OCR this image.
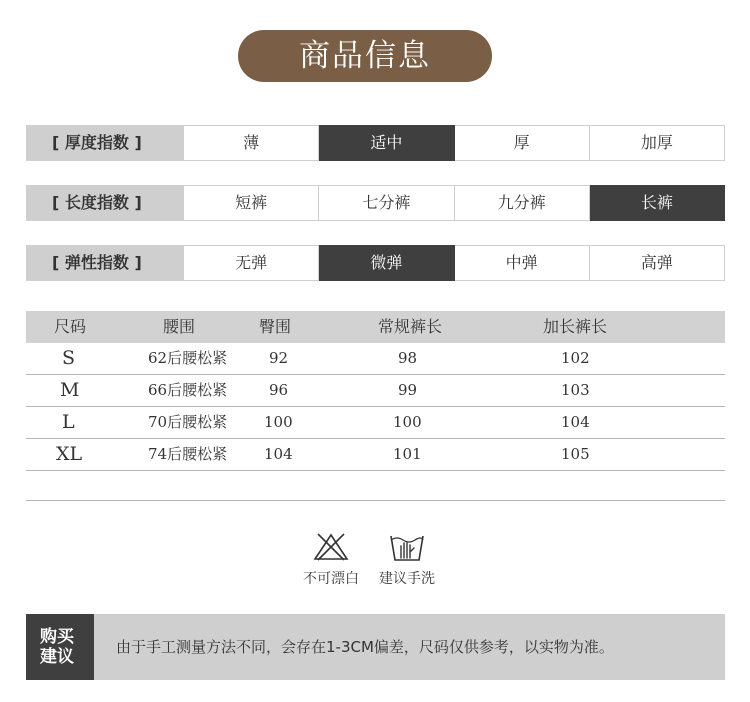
商品信息
[ 厚度指数 ]	薄	适中	厚	加厚
[ 长度指数 ]	短裤	七分裤	九分裤	长裤
[ 弹性指数 ]	无弹	微弹	中弹	高弹
尺码	腰围	臀围	常规裤长	加长裤长
S	62后腰松紧	92	98	102
M	66后腰松紧	96	99	103
L	70后腰松紧 100	100	104
XL	74后腰松紧 104	101	105
不可漂白 建议手洗
购买
建议	由于手工测量方法不同，会存在1-3CM偏差，尺码仅供参考，以实物为准。
